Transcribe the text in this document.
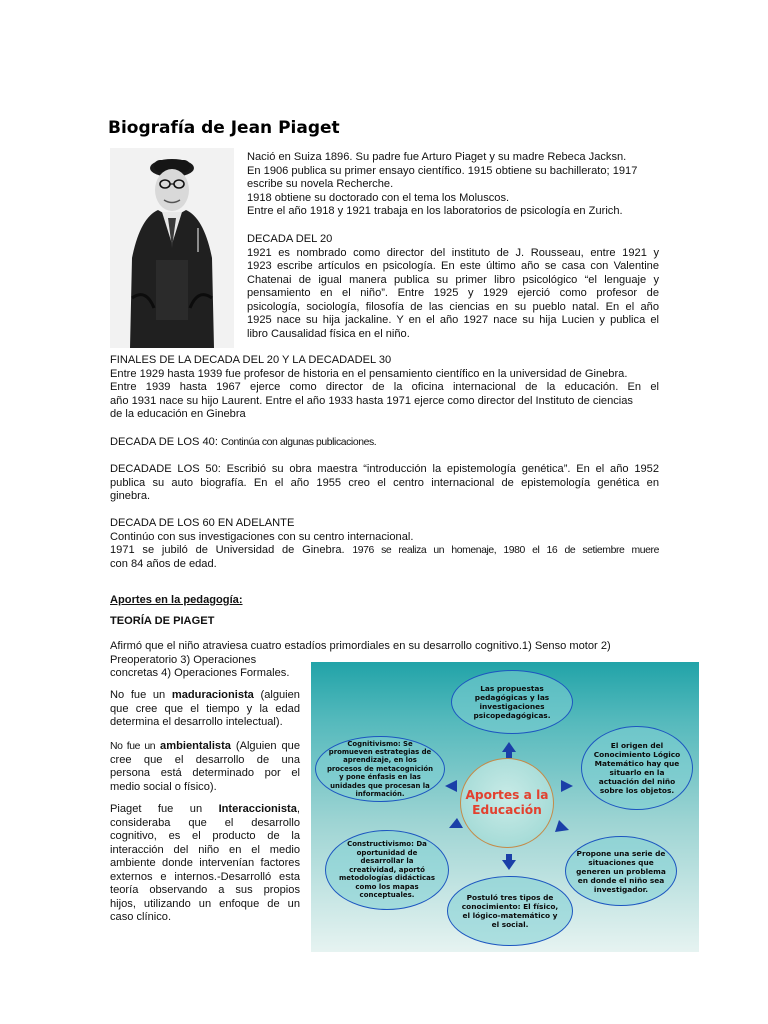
Biografía de Jean Piaget
Nació en Suiza 1896. Su padre fue Arturo Piaget y su madre Rebeca Jacksn.
En 1906 publica su primer ensayo científico. 1915 obtiene su bachillerato; 1917
escribe su novela Recherche.
1918 obtiene su doctorado con el tema los Moluscos.
Entre el año 1918 y 1921 trabaja en los laboratorios de psicología en Zurich.
DECADA DEL 20
1921 es nombrado como director del instituto de J. Rousseau, entre 1921 y
1923 escribe artículos en psicología. En este último año se casa con Valentine
Chatenai de igual manera publica su primer libro psicológico “el lenguaje y
pensamiento en el niño”. Entre 1925 y 1929 ejerció como profesor de
psicología, sociología, filosofía de las ciencias en su pueblo natal. En el año
1925 nace su hija jackaline. Y en el año 1927 nace su hija Lucien y publica el
libro Causalidad física en el niño.
FINALES DE LA DECADA DEL 20 Y LA DECADADEL 30
Entre 1929 hasta 1939 fue profesor de historia en el pensamiento científico en la universidad de Ginebra.
Entre 1939 hasta 1967 ejerce como director de la oficina internacional de la educación. En el
año 1931 nace su hijo Laurent. Entre el año 1933 hasta 1971 ejerce como director del Instituto de ciencias
de la educación en Ginebra
DECADA DE LOS 40: Continúa con algunas publicaciones.
DECADADE LOS 50: Escribió su obra maestra “introducción la epistemología genética”. En el año 1952
publica su auto biografía. En el año 1955 creo el centro internacional de epistemología genética en
ginebra.
DECADA DE LOS 60 EN ADELANTE
Continúo con sus investigaciones con su centro internacional.
1971 se jubiló de Universidad de Ginebra. 1976 se realiza un homenaje, 1980 el 16 de setiembre muere
con 84 años de edad.
Aportes en la pedagogía:
TEORÍA DE PIAGET
Afirmó que el niño atraviesa cuatro estadíos primordiales en su desarrollo cognitivo.1) Senso motor 2)
Preoperatorio 3) Operaciones
concretas 4) Operaciones Formales.
No fue un maduracionista (alguien
que cree que el tiempo y la edad
determina el desarrollo intelectual).
No fue un ambientalista (Alguien que
cree que el desarrollo de una
persona está determinado por el
medio social o físico).
Piaget fue un Interaccionista,
consideraba que el desarrollo
cognitivo, es el producto de la
interacción del niño en el medio
ambiente donde intervenían factores
externos e internos.-Desarrolló esta
teoría observando a sus propios
hijos, utilizando un enfoque de un
caso clínico.
Aportes a la Educación
Las propuestas pedagógicas y las investigaciones psicopedagógicas.
Cognitivismo: Se promueven estrategias de aprendizaje, en los procesos de metacognición y pone énfasis en las unidades que procesan la información.
El origen del Conocimiento Lógico Matemático hay que situarlo en la actuación del niño sobre los objetos.
Constructivismo: Da oportunidad de desarrollar la creatividad, aportó metodologías didácticas como los mapas conceptuales.
Propone una serie de situaciones que generen un problema en donde el niño sea investigador.
Postuló tres tipos de conocimiento: El físico, el lógico-matemático y el social.
